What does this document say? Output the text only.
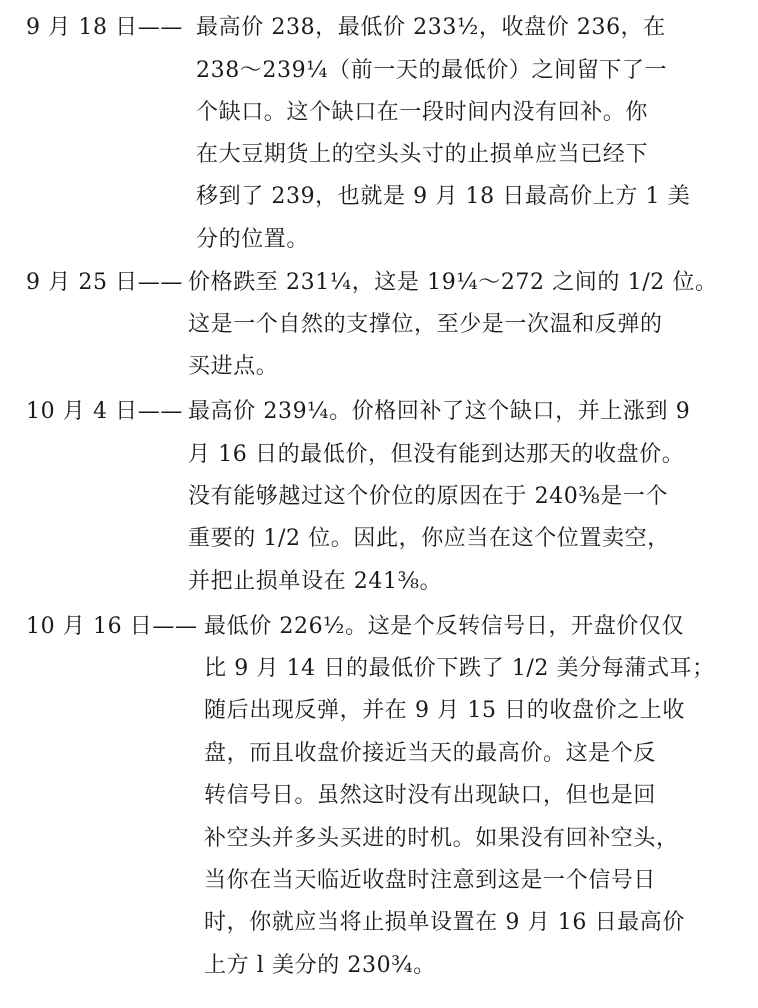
9 月 18 日—— 最高价 238，最低价 233½，收盘价 236，在
238～239¼（前一天的最低价）之间留下了一
个缺口。这个缺口在一段时间内没有回补。你
在大豆期货上的空头头寸的止损单应当已经下
移到了 239，也就是 9 月 18 日最高价上方 1 美
分的位置。
9 月 25 日—— 价格跌至 231¼，这是 19¼～272 之间的 1/2 位。
这是一个自然的支撑位，至少是一次温和反弹的
买进点。
10 月 4 日—— 最高价 239¼。价格回补了这个缺口，并上涨到 9
月 16 日的最低价，但没有能到达那天的收盘价。
没有能够越过这个价位的原因在于 240⅜是一个
重要的 1/2 位。因此，你应当在这个位置卖空，
并把止损单设在 241⅜。
10 月 16 日—— 最低价 226½。这是个反转信号日，开盘价仅仅
比 9 月 14 日的最低价下跌了 1/2 美分每蒲式耳；
随后出现反弹，并在 9 月 15 日的收盘价之上收
盘，而且收盘价接近当天的最高价。这是个反
转信号日。虽然这时没有出现缺口，但也是回
补空头并多头买进的时机。如果没有回补空头，
当你在当天临近收盘时注意到这是一个信号日
时，你就应当将止损单设置在 9 月 16 日最高价
上方 l 美分的 230¾。
